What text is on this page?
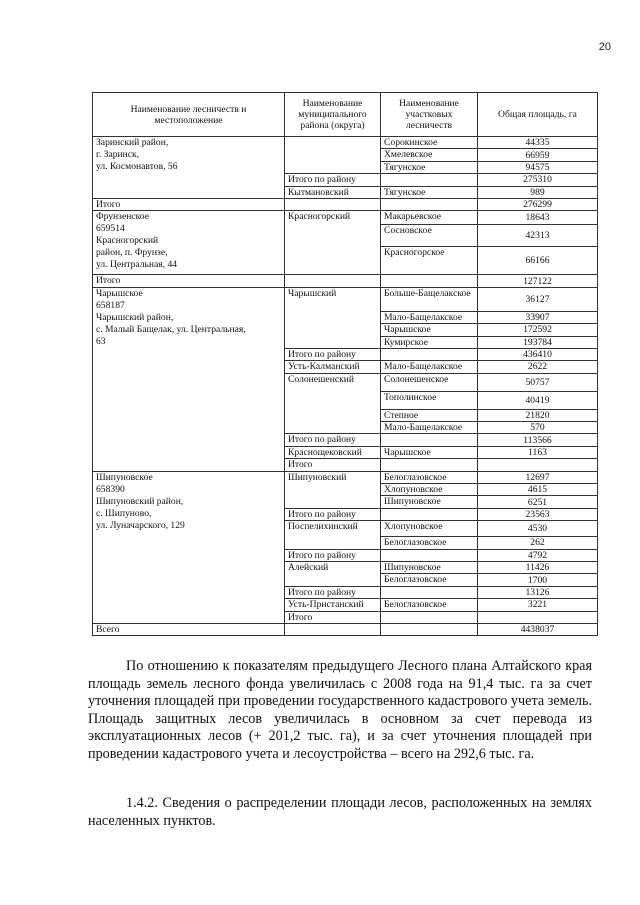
20
Наименование лесничеств и местоположение	Наименование муниципального района (округа)	Наименование участковых лесничеств	Общая площадь, га	

Заринский район,
г. Заринск,
ул. Космонавтов, 56		Сорокинское	44335	
		Хмелевское	66959	
		Тягунское	94575	
	Итого по району		275310	
	Кытмановский	Тягунское	989	
Итого			276299	

Фрунзенское
659514
Красногорский
район, п. Фрунзе,
ул. Центральная, 44	Красногорский	Макарьевское	18643	
		Сосновское	42313	
		Красногорское	66166	
Итого			127122	

Чарышское
658187
Чарышский район,
с. Малый Бащелак, ул. Центральная,
63	Чарышский	Больше-Бащелакское	36127	
		Мало-Бащелакское	33907	
		Чарышское	172592	
		Кумирское	193784	
	Итого по району		436410	
	Усть-Калманский	Мало-Бащелакское	2622	
	Солонешенский	Солонешенское	50757	
		Тополинское	40419	
		Степное	21820	
		Мало-Бащелакское	570	
	Итого по району		113566	
	Краснощековский	Чарышское	1163	
	Итого			

Шипуновское
658390
Шипуновский район,
с. Шипуново,
ул. Луначарского, 129	Шипуновский	Белоглазовское	12697	
		Хлопуновское	4615	
		Шипуновское	6251	
	Итого по району		23563	
	Поспелихинский	Хлопуновское	4530	
		Белоглазовское	262	
	Итого по району		4792	
	Алейский	Шипуновское	11426	
		Белоглазовское	1700	
	Итого по району		13126	
	Усть-Пристанский	Белоглазовское	3221	
	Итого			
Всего			4438037	

По отношению к показателям предыдущего Лесного плана Алтайского края площадь земель лесного фонда увеличилась с 2008 года на 91,4 тыс. га за счет уточнения площадей при проведении государственного кадастрового учета земель. Площадь защитных лесов увеличилась в основном за счет перевода из эксплуатационных лесов (+ 201,2 тыс. га), и за счет уточнения площадей при проведении кадастрового учета и лесоустройства – всего на 292,6 тыс. га.

1.4.2. Сведения о распределении площади лесов, расположенных на землях населенных пунктов.
